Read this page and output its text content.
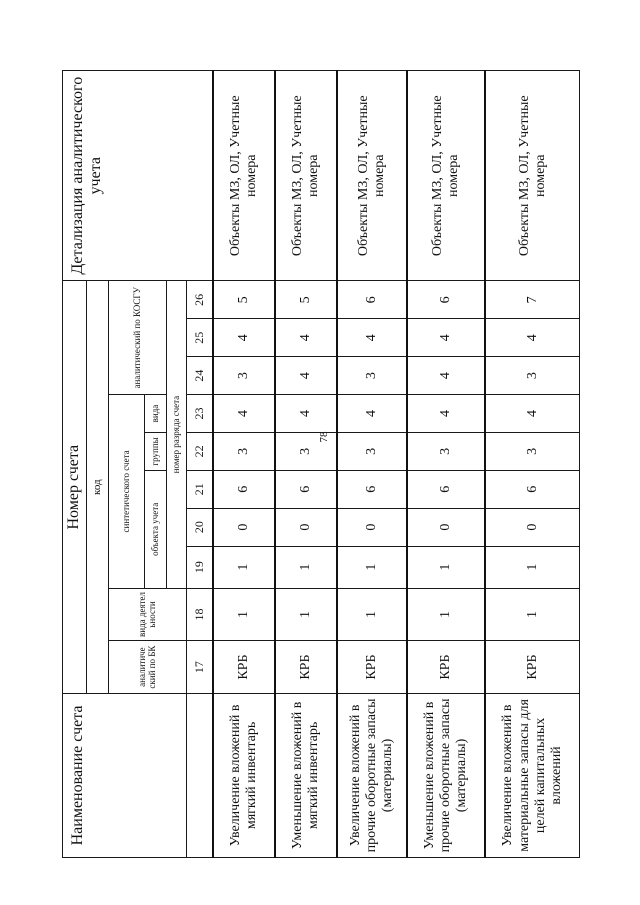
78
Наименование счета	Номер счета										Детализация аналитического учета
	код										
	аналитиче ский по БК	вида деятел ьности	синтетического счета					аналитический по КОСГУ			
			объекта учета			группы	вида				
			номер разряда счета								
	17	18	19	20	21	22	23	24	25	26	
Увеличение вложений в мягкий инвентарь	КРБ	1	1	0	6	3	4	3	4	5	Объекты МЗ, ОЛ, Учетные номера
Уменьшение вложений в мягкий инвентарь	КРБ	1	1	0	6	3	4	4	4	5	Объекты МЗ, ОЛ, Учетные номера
Увеличение вложений в прочие оборотные запасы (материалы)	КРБ	1	1	0	6	3	4	3	4	6	Объекты МЗ, ОЛ, Учетные номера
Уменьшение вложений в прочие оборотные запасы (материалы)	КРБ	1	1	0	6	3	4	4	4	6	Объекты МЗ, ОЛ, Учетные номера
Увеличение вложений в материальные запасы для целей капитальных вложений	КРБ	1	1	0	6	3	4	3	4	7	Объекты МЗ, ОЛ, Учетные номера
